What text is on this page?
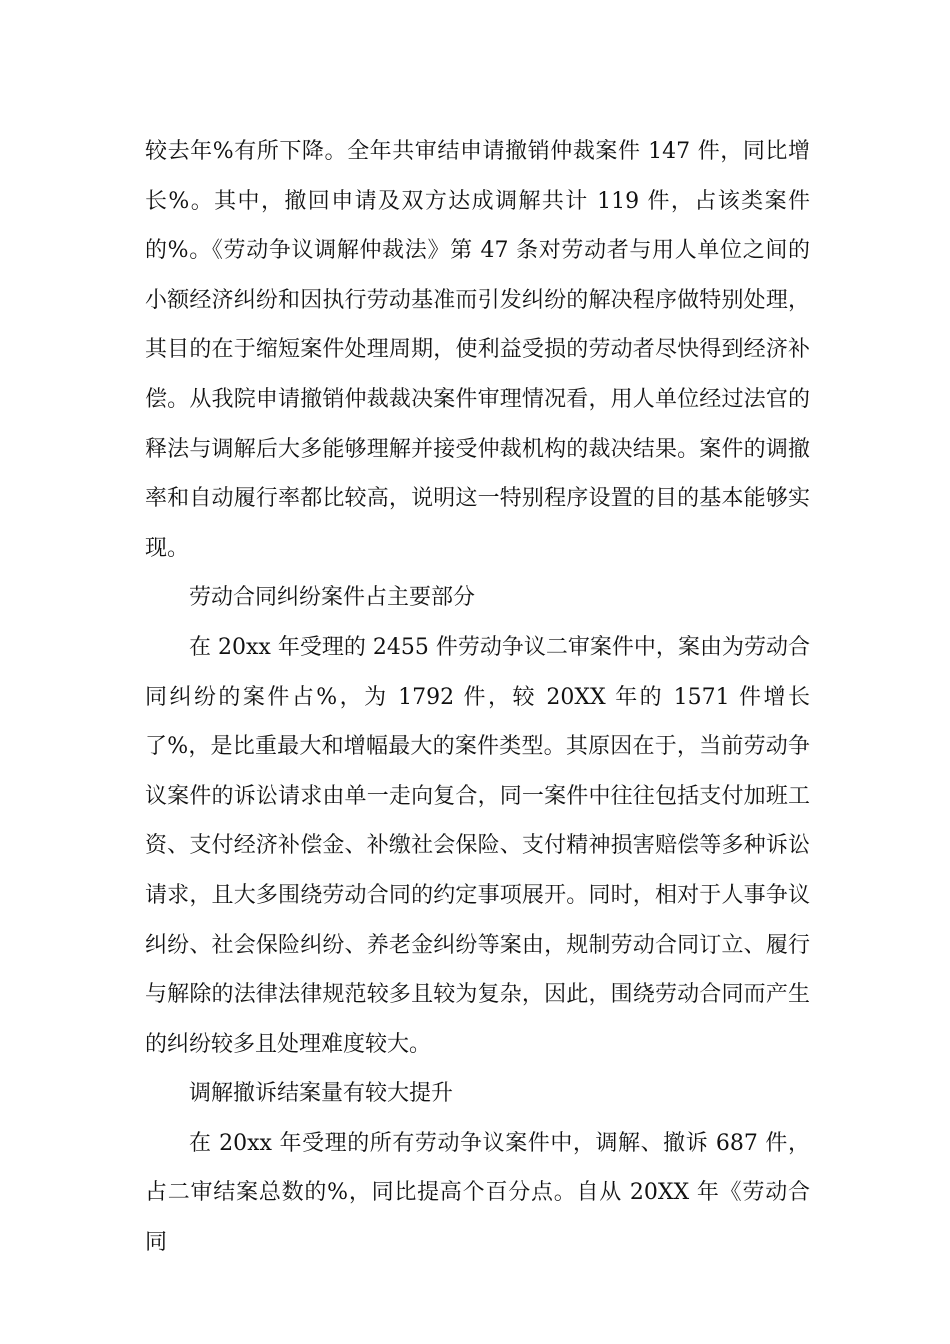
较去年%有所下降。全年共审结申请撤销仲裁案件 147 件，同比增长%。其中，撤回申请及双方达成调解共计 119 件，占该类案件的%。《劳动争议调解仲裁法》第 47 条对劳动者与用人单位之间的小额经济纠纷和因执行劳动基准而引发纠纷的解决程序做特别处理，其目的在于缩短案件处理周期，使利益受损的劳动者尽快得到经济补偿。从我院申请撤销仲裁裁决案件审理情况看，用人单位经过法官的释法与调解后大多能够理解并接受仲裁机构的裁决结果。案件的调撤率和自动履行率都比较高，说明这一特别程序设置的目的基本能够实现。

劳动合同纠纷案件占主要部分

在 20xx 年受理的 2455 件劳动争议二审案件中，案由为劳动合同纠纷的案件占%，为 1792 件，较 20XX 年的 1571 件增长了%，是比重最大和增幅最大的案件类型。其原因在于，当前劳动争议案件的诉讼请求由单一走向复合，同一案件中往往包括支付加班工资、支付经济补偿金、补缴社会保险、支付精神损害赔偿等多种诉讼请求，且大多围绕劳动合同的约定事项展开。同时，相对于人事争议纠纷、社会保险纠纷、养老金纠纷等案由，规制劳动合同订立、履行与解除的法律法律规范较多且较为复杂，因此，围绕劳动合同而产生的纠纷较多且处理难度较大。

调解撤诉结案量有较大提升

在 20xx 年受理的所有劳动争议案件中，调解、撤诉 687 件，占二审结案总数的%，同比提高个百分点。自从 20XX 年《劳动合同
